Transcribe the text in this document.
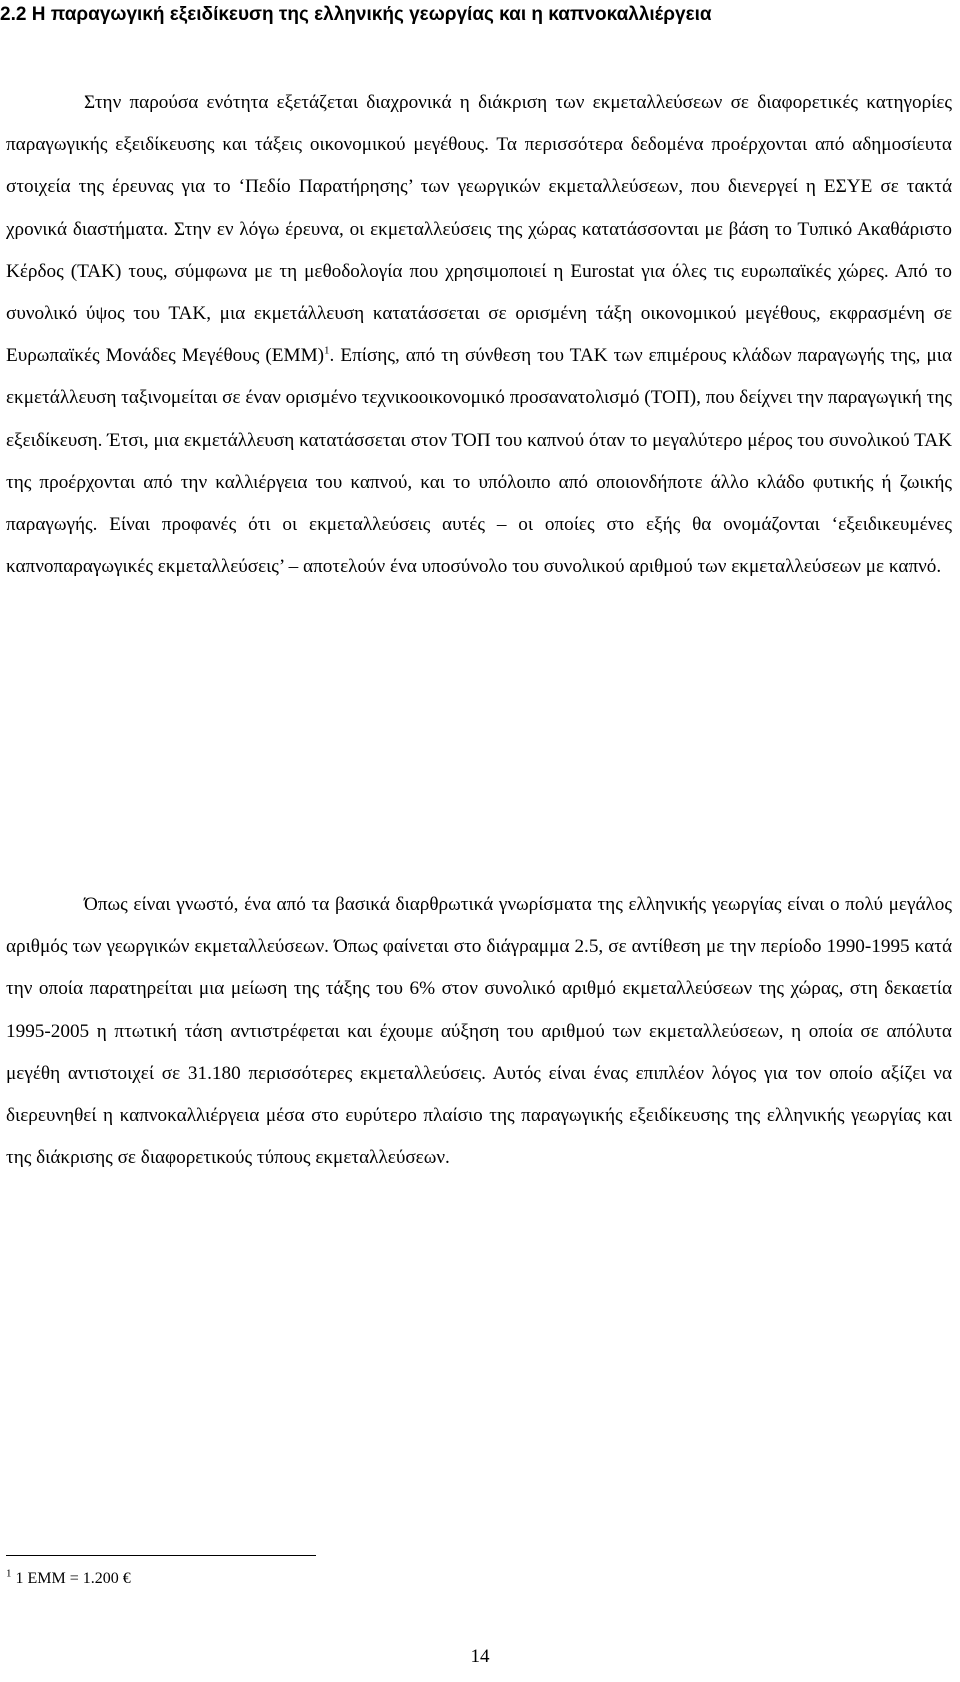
2.2 Η παραγωγική εξειδίκευση της ελληνικής γεωργίας και η καπνοκαλλιέργεια

Στην παρούσα ενότητα εξετάζεται διαχρονικά η διάκριση των εκμεταλλεύσεων σε διαφορετικές κατηγορίες παραγωγικής εξειδίκευσης και τάξεις οικονομικού μεγέθους. Τα περισσότερα δεδομένα προέρχονται από αδημοσίευτα στοιχεία της έρευνας για το ‘Πεδίο Παρατήρησης’ των γεωργικών εκμεταλλεύσεων, που διενεργεί η ΕΣΥΕ σε τακτά χρονικά διαστήματα. Στην εν λόγω έρευνα, οι εκμεταλλεύσεις της χώρας κατατάσσονται με βάση το Τυπικό Ακαθάριστο Κέρδος (ΤΑΚ) τους, σύμφωνα με τη μεθοδολογία που χρησιμοποιεί η Eurostat για όλες τις ευρωπαϊκές χώρες. Από το συνολικό ύψος του ΤΑΚ, μια εκμετάλλευση κατατάσσεται σε ορισμένη τάξη οικονομικού μεγέθους, εκφρασμένη σε Ευρωπαϊκές Μονάδες Μεγέθους $(EMM)^1$. Επίσης, από τη σύνθεση του ΤΑΚ των επιμέρους κλάδων παραγωγής της, μια εκμετάλλευση ταξινομείται σε έναν ορισμένο τεχνικοοικονομικό προσανατολισμό (ΤΟΠ), που δείχνει την παραγωγική της εξειδίκευση. Έτσι, μια εκμετάλλευση κατατάσσεται στον ΤΟΠ του καπνού όταν το μεγαλύτερο μέρος του συνολικού ΤΑΚ της προέρχονται από την καλλιέργεια του καπνού, και το υπόλοιπο από οποιονδήποτε άλλο κλάδο φυτικής ή ζωικής παραγωγής. Είναι προφανές ότι οι εκμεταλλεύσεις αυτές – οι οποίες στο εξής θα ονομάζονται ‘εξειδικευμένες καπνοπαραγωγικές εκμεταλλεύσεις’ – αποτελούν ένα υποσύνολο του συνολικού αριθμού των εκμεταλλεύσεων με καπνό.

Όπως είναι γνωστό, ένα από τα βασικά διαρθρωτικά γνωρίσματα της ελληνικής γεωργίας είναι ο πολύ μεγάλος αριθμός των γεωργικών εκμεταλλεύσεων. Όπως φαίνεται στο διάγραμμα 2.5, σε αντίθεση με την περίοδο 1990-1995 κατά την οποία παρατηρείται μια μείωση της τάξης του 6% στον συνολικό αριθμό εκμεταλλεύσεων της χώρας, στη δεκαετία 1995-2005 η πτωτική τάση αντιστρέφεται και έχουμε αύξηση του αριθμού των εκμεταλλεύσεων, η οποία σε απόλυτα μεγέθη αντιστοιχεί σε 31.180 περισσότερες εκμεταλλεύσεις. Αυτός είναι ένας επιπλέον λόγος για τον οποίο αξίζει να διερευνηθεί η καπνοκαλλιέργεια μέσα στο ευρύτερο πλαίσιο της παραγωγικής εξειδίκευσης της ελληνικής γεωργίας και της διάκρισης σε διαφορετικούς τύπους εκμεταλλεύσεων.

$^1$ 1 ΕΜΜ = 1.200 €
14
